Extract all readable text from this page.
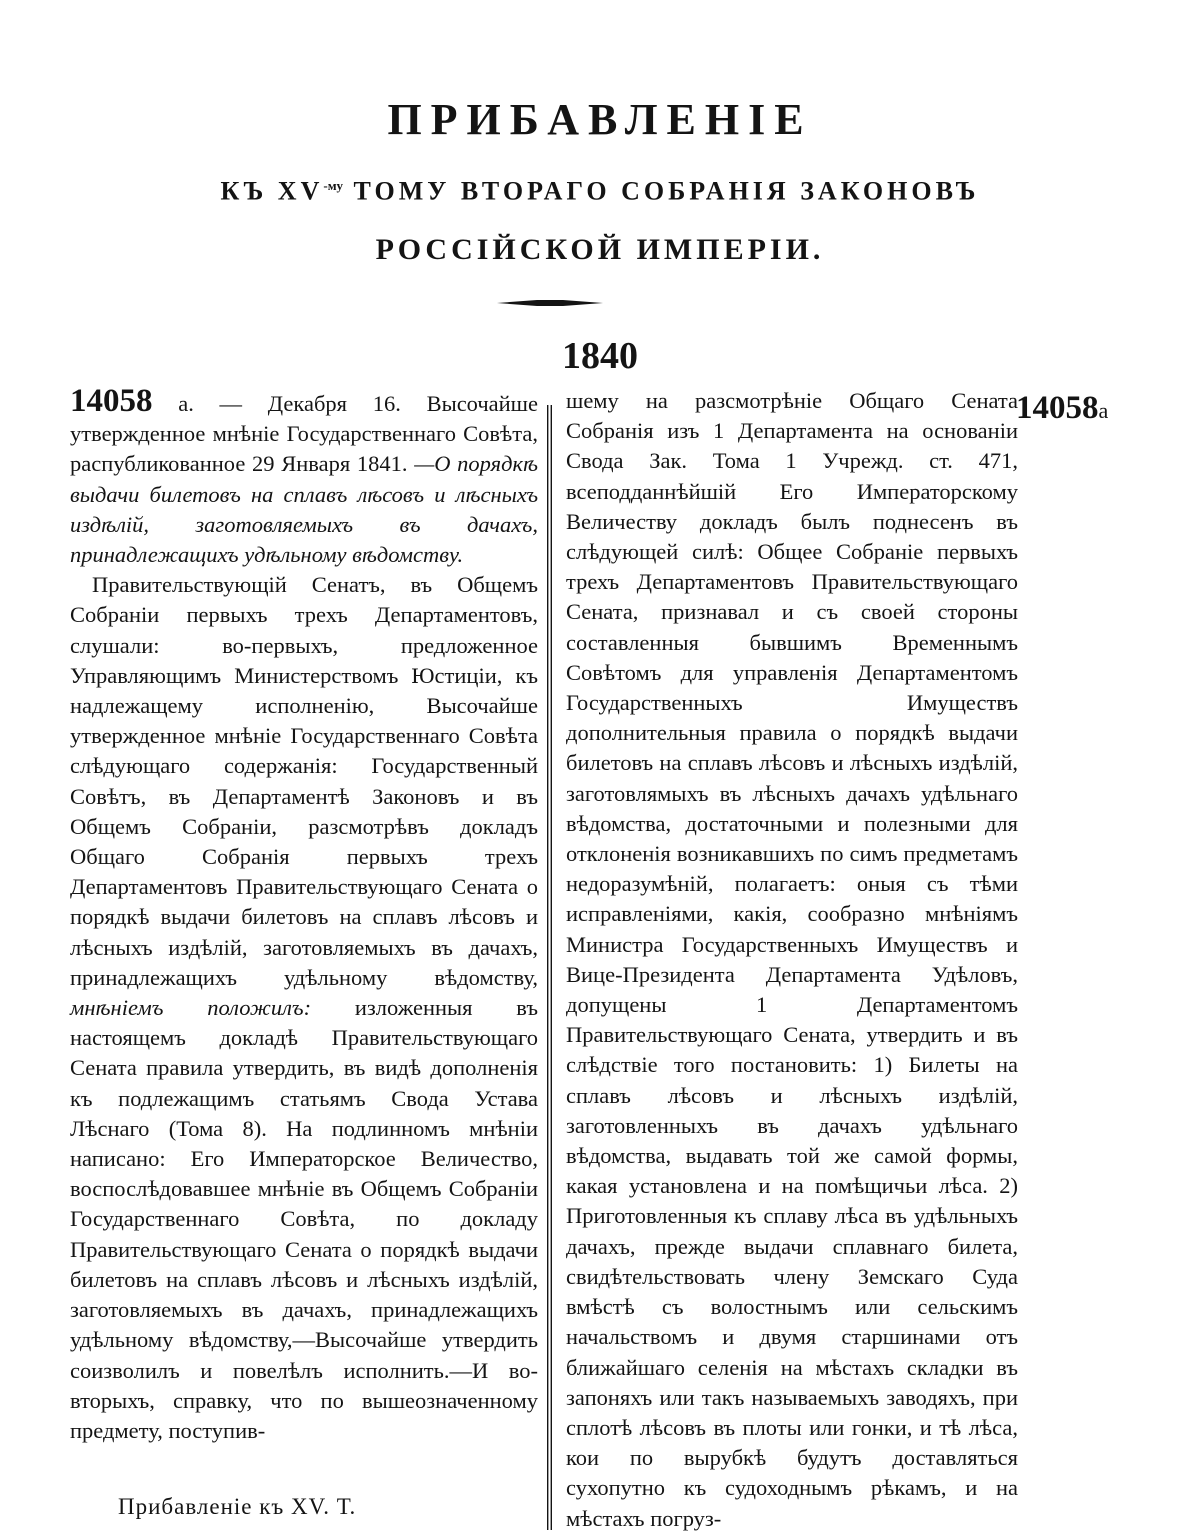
ПРИБАВЛЕНІЕ
КЪ $XV^{-му}$ ТОМУ ВТОРАГО СОБРАНІЯ ЗАКОНОВЪ
РОССІЙСКОЙ ИМПЕРІИ.
1840
14058а

14058 а. — Декабря 16. Высочайше утвержденное мнѣніе Государственнаго Совѣта, распубликованное 29 Января 1841. —О порядкѣ выдачи билетовъ на сплавъ лѣсовъ и лѣсныхъ издѣлій, заготовляемыхъ въ дачахъ, принадлежащихъ удѣльному вѣдомству.

Правительствующій Сенатъ, въ Общемъ Собраніи первыхъ трехъ Департаментовъ, слушали: во-первыхъ, предложенное Управляющимъ Министерствомъ Юстиціи, къ надлежащему исполненію, Высочайше утвержденное мнѣніе Государственнаго Совѣта слѣдующаго содержанія: Государственный Совѣтъ, въ Департаментѣ Законовъ и въ Общемъ Собраніи, разсмотрѣвъ докладъ Общаго Собранія первыхъ трехъ Департаментовъ Правительствующаго Сената о порядкѣ выдачи билетовъ на сплавъ лѣсовъ и лѣсныхъ издѣлій, заготовляемыхъ въ дачахъ, принадлежащихъ удѣльному вѣдомству, мнѣніемъ положилъ: изложенныя въ настоящемъ докладѣ Правительствующаго Сената правила утвердить, въ видѣ дополненія къ подлежащимъ статьямъ Свода Устава Лѣснаго (Тома 8). На подлинномъ мнѣніи написано: Его Императорское Величество, воспослѣдовавшее мнѣніе въ Общемъ Собраніи Государственнаго Совѣта, по докладу Правительствующаго Сената о порядкѣ выдачи билетовъ на сплавъ лѣсовъ и лѣсныхъ издѣлій, заготовляемыхъ въ дачахъ, принадлежащихъ удѣльному вѣдомству,—Высочайше утвердить соизволилъ и повелѣлъ исполнить.—И во-вторыхъ, справку, что по вышеозначенному предмету, поступив-

шему на разсмотрѣніе Общаго Сената Собранія изъ 1 Департамента на основаніи Свода Зак. Тома 1 Учрежд. ст. 471, всеподданнѣйшій Его Императорскому Величеству докладъ былъ поднесенъ въ слѣдующей силѣ: Общее Собраніе первыхъ трехъ Департаментовъ Правительствующаго Сената, признавал и съ своей стороны составленныя бывшимъ Временнымъ Совѣтомъ для управленія Департаментомъ Государственныхъ Имуществъ дополнительныя правила о порядкѣ выдачи билетовъ на сплавъ лѣсовъ и лѣсныхъ издѣлій, заготовлямыхъ въ лѣсныхъ дачахъ удѣльнаго вѣдомства, достаточными и полезными для отклоненія возникавшихъ по симъ предметамъ недоразумѣній, полагаетъ: оныя съ тѣми исправленіями, какія, сообразно мнѣніямъ Министра Государственныхъ Имуществъ и Вице-Президента Департамента Удѣловъ, допущены 1 Департаментомъ Правительствующаго Сената, утвердить и въ слѣдствіе того постановить: 1) Билеты на сплавъ лѣсовъ и лѣсныхъ издѣлій, заготовленныхъ въ дачахъ удѣльнаго вѣдомства, выдавать той же самой формы, какая установлена и на помѣщичьи лѣса. 2) Приготовленныя къ сплаву лѣса въ удѣльныхъ дачахъ, прежде выдачи сплавнаго билета, свидѣтельствовать члену Земскаго Суда вмѣстѣ съ волостнымъ или сельскимъ начальствомъ и двумя старшинами отъ ближайшаго селенія на мѣстахъ складки въ запоняхъ или такъ называемыхъ заводяхъ, при сплотѣ лѣсовъ въ плоты или гонки, и тѣ лѣса, кои по вырубкѣ будутъ доставляться сухопутно къ судоходнымъ рѣкамъ, и на мѣстахъ погруз-

Прибавленіе къ XV. Т.
